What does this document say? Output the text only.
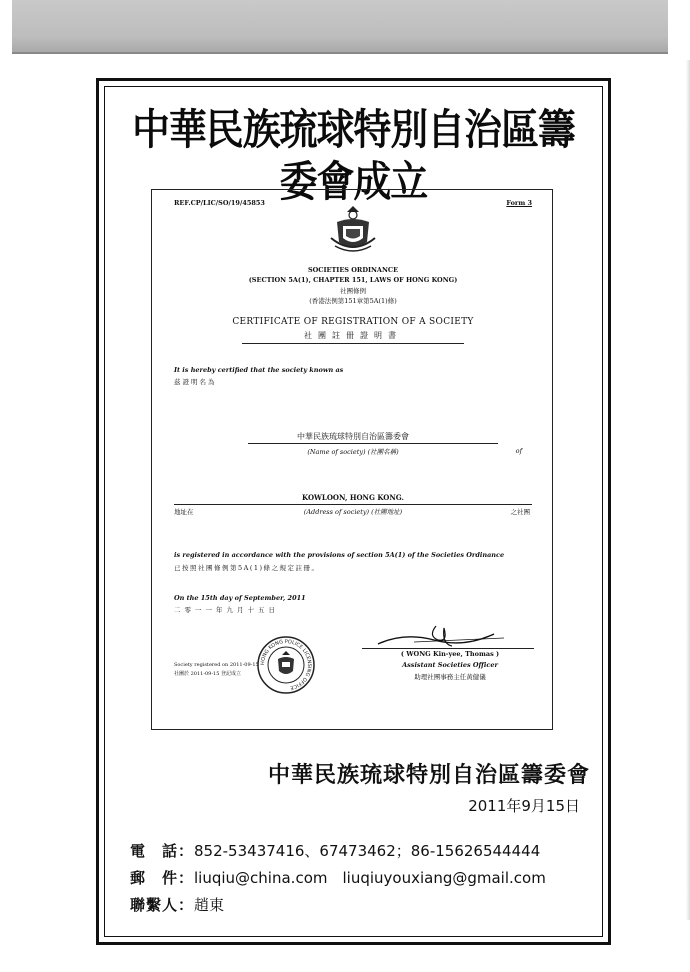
中華民族琉球特別自治區籌委會成立
REF.CP/LIC/SO/19/45853	Form 3
SOCIETIES ORDINANCE
(SECTION 5A(1), CHAPTER 151, LAWS OF HONG KONG)
社團條例
(香港法例第151章第5A(1)條)
CERTIFICATE OF REGISTRATION OF A SOCIETY
社團註冊證明書
It is hereby certified that the society known as
茲證明名為
中華民族琉球特別自治區籌委會
(Name of society) (社團名稱)	of
KOWLOON, HONG KONG.
地址在	(Address of society) (社團地址)	之社團
is registered in accordance with the provisions of section 5A(1) of the Societies Ordinance
已按照社團條例第5A(1)條之規定註冊。
On the 15th day of September, 2011
二零一一年九月十五日
HONG KONG POLICE LICENSING OFFICE
( WONG Kin-yee, Thomas )
Assistant Societies Officer
助理社團事務主任黃健儀
Society registered on 2011-09-15
社團於 2011-09-15 登記成立
中華民族琉球特別自治區籌委會
2011年9月15日
電　話：852-53437416、67473462；86-15626544444
郵　件：liuqiu@china.com　liuqiuyouxiang@gmail.com
聯繫人：趙東
